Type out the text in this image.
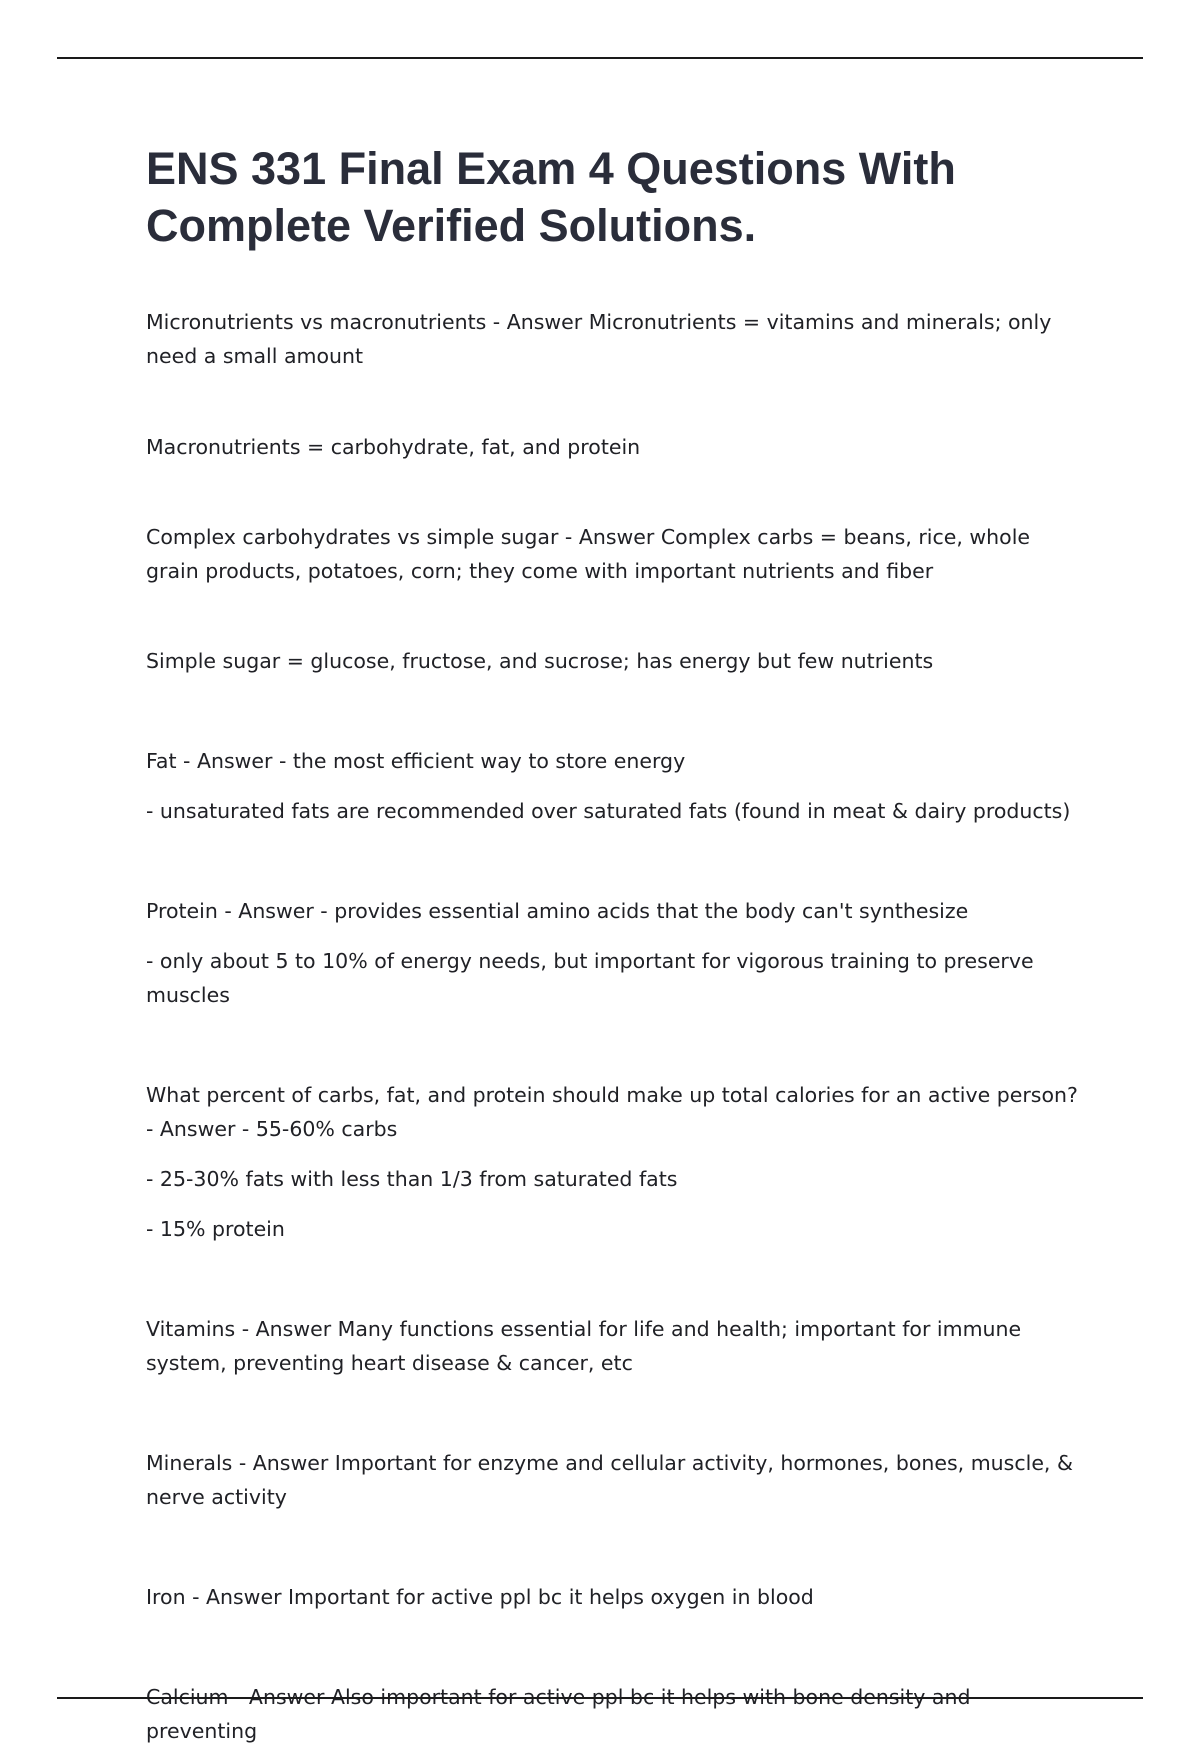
ENS 331 Final Exam 4 Questions With Complete Verified Solutions.

Micronutrients vs macronutrients - Answer Micronutrients = vitamins and minerals; only need a small amount

Macronutrients = carbohydrate, fat, and protein

Complex carbohydrates vs simple sugar - Answer Complex carbs = beans, rice, whole grain products, potatoes, corn; they come with important nutrients and fiber

Simple sugar = glucose, fructose, and sucrose; has energy but few nutrients

Fat - Answer - the most efficient way to store energy

- unsaturated fats are recommended over saturated fats (found in meat & dairy products)

Protein - Answer - provides essential amino acids that the body can't synthesize

- only about 5 to 10% of energy needs, but important for vigorous training to preserve muscles

What percent of carbs, fat, and protein should make up total calories for an active person? - Answer - 55-60% carbs

- 25-30% fats with less than 1/3 from saturated fats

- 15% protein

Vitamins - Answer Many functions essential for life and health; important for immune system, preventing heart disease & cancer, etc

Minerals - Answer Important for enzyme and cellular activity, hormones, bones, muscle, & nerve activity

Iron - Answer Important for active ppl bc it helps oxygen in blood

Calcium - Answer Also important for active ppl bc it helps with bone density and preventing
